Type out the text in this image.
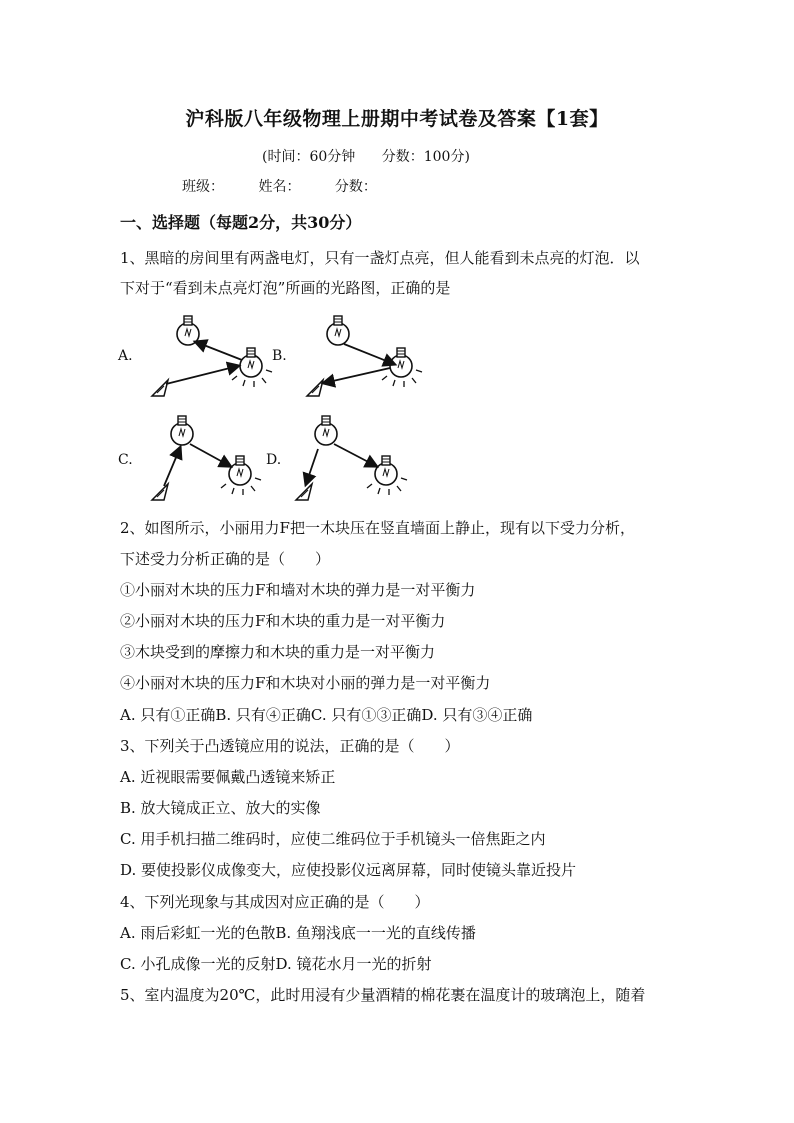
沪科版八年级物理上册期中考试卷及答案【1套】
(时间：60分钟 分数：100分)
班级： 姓名： 分数：
一、选择题（每题2分，共30分）
1、黑暗的房间里有两盏电灯，只有一盏灯点亮，但人能看到未点亮的灯泡．以
下对于“看到未点亮灯泡”所画的光路图，正确的是
A.	B.
C.	D.
2、如图所示，小丽用力F把一木块压在竖直墙面上静止，现有以下受力分析，
下述受力分析正确的是（　　）
①小丽对木块的压力F和墙对木块的弹力是一对平衡力
②小丽对木块的压力F和木块的重力是一对平衡力
③木块受到的摩擦力和木块的重力是一对平衡力
④小丽对木块的压力F和木块对小丽的弹力是一对平衡力
A. 只有①正确B. 只有④正确C. 只有①③正确D. 只有③④正确
3、下列关于凸透镜应用的说法，正确的是（　　）
A. 近视眼需要佩戴凸透镜来矫正
B. 放大镜成正立、放大的实像
C. 用手机扫描二维码时，应使二维码位于手机镜头一倍焦距之内
D. 要使投影仪成像变大，应使投影仪远离屏幕，同时使镜头靠近投片
4、下列光现象与其成因对应正确的是（　　）
A. 雨后彩虹一光的色散B. 鱼翔浅底一一光的直线传播
C. 小孔成像一光的反射D. 镜花水月一光的折射
5、室内温度为20℃，此时用浸有少量酒精的棉花裹在温度计的玻璃泡上，随着
